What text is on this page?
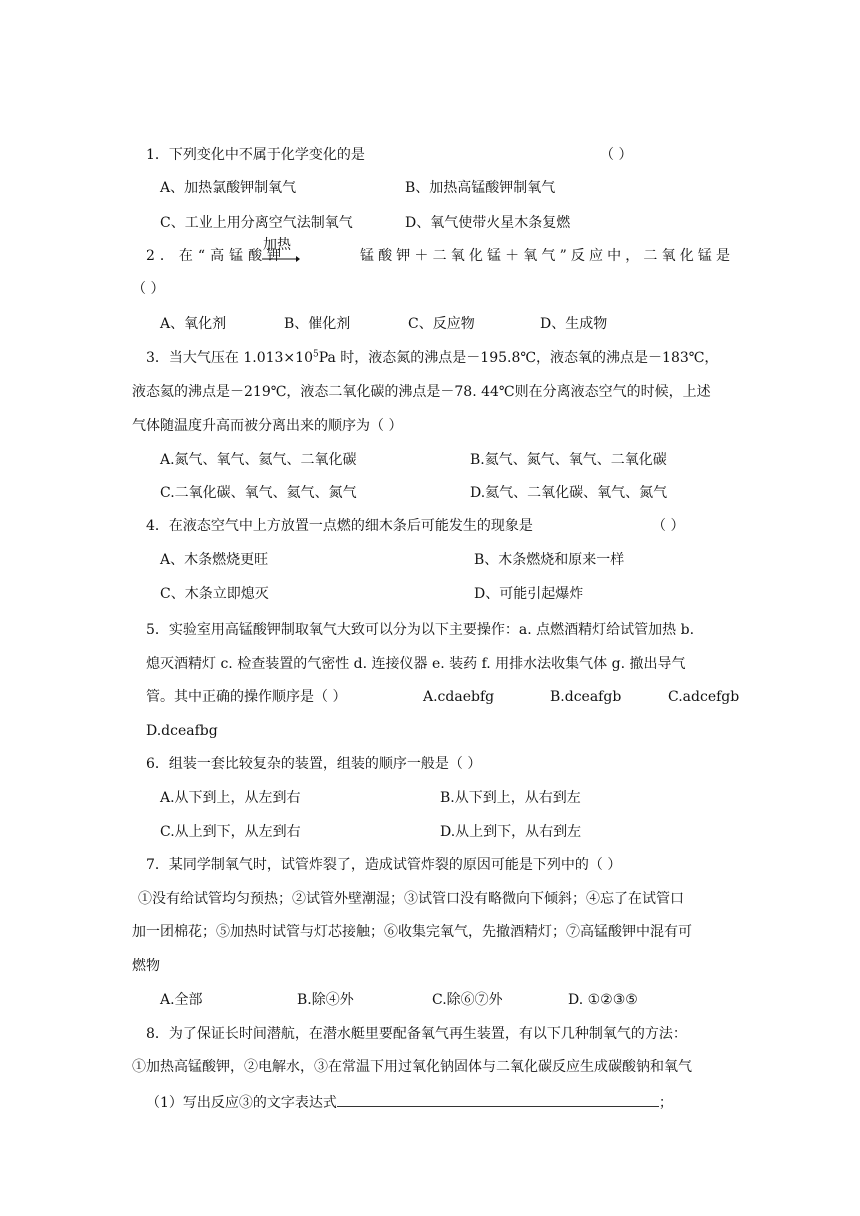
1．下列变化中不属于化学变化的是	（ ）
A、加热氯酸钾制氧气	B、加热高锰酸钾制氧气
C、工业上用分离空气法制氧气	D、氧气使带火星木条复燃
加热
2．在“高锰酸钾	锰酸钾＋二氧化锰＋氧气”反应中，二氧化锰是
（ ）
A、氧化剂	B、催化剂	C、反应物	D、生成物
3．当大气压在 $1.013\times 10^5Pa$ 时，液态氮的沸点是－195.8℃，液态氧的沸点是－183℃，
液态氦的沸点是－219℃，液态二氧化碳的沸点是－78. 44℃则在分离液态空气的时候，上述
气体随温度升高而被分离出来的顺序为（ ）
A.氮气、氧气、氦气、二氧化碳	B.氦气、氮气、氧气、二氧化碳
C.二氧化碳、氧气、氦气、氮气	D.氦气、二氧化碳、氧气、氮气
4．在液态空气中上方放置一点燃的细木条后可能发生的现象是	（ ）
A、木条燃烧更旺	B、木条燃烧和原来一样
C、木条立即熄灭	D、可能引起爆炸
5．实验室用高锰酸钾制取氧气大致可以分为以下主要操作：a. 点燃酒精灯给试管加热 b.
熄灭酒精灯 c. 检查装置的气密性 d. 连接仪器 e. 装药 f. 用排水法收集气体 g. 撤出导气
管。其中正确的操作顺序是（ ）	A.cdaebfg	B.dceafgb	C.adcefgb
D.dceafbg
6．组装一套比较复杂的装置，组装的顺序一般是（ ）
A.从下到上，从左到右	B.从下到上，从右到左
C.从上到下，从左到右	D.从上到下，从右到左
7．某同学制氧气时，试管炸裂了，造成试管炸裂的原因可能是下列中的（ ）
①没有给试管均匀预热；②试管外壁潮湿；③试管口没有略微向下倾斜；④忘了在试管口
加一团棉花；⑤加热时试管与灯芯接触；⑥收集完氧气，先撤酒精灯；⑦高锰酸钾中混有可
燃物
A.全部	B.除④外	C.除⑥⑦外	D. ①②③⑤
8．为了保证长时间潜航，在潜水艇里要配备氧气再生装置，有以下几种制氧气的方法：
①加热高锰酸钾，②电解水，③在常温下用过氧化钠固体与二氧化碳反应生成碳酸钠和氧气
（1）写出反应③的文字表达式	；
